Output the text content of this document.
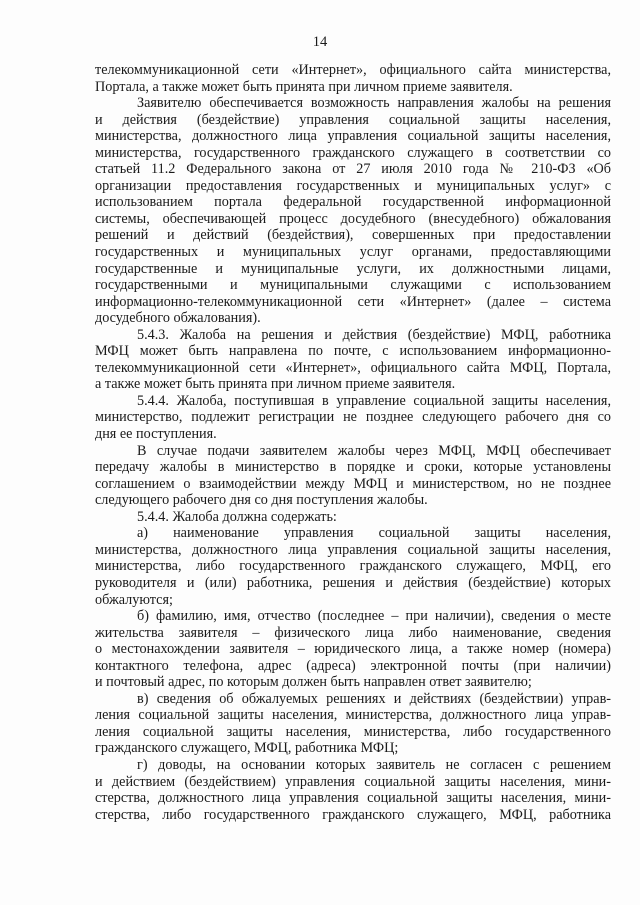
14
телекоммуникационной сети «Интернет», официального сайта министерства,
Портала, а также может быть принята при личном приеме заявителя.
Заявителю обеспечивается возможность направления жалобы на решения
и действия (бездействие) управления социальной защиты населения,
министерства, должностного лица управления социальной защиты населения,
министерства, государственного гражданского служащего в соответствии со
статьей 11.2 Федерального закона от 27 июля 2010 года № 210-ФЗ «Об
организации предоставления государственных и муниципальных услуг» с
использованием портала федеральной государственной информационной
системы, обеспечивающей процесс досудебного (внесудебного) обжалования
решений и действий (бездействия), совершенных при предоставлении
государственных и муниципальных услуг органами, предоставляющими
государственные и муниципальные услуги, их должностными лицами,
государственными и муниципальными служащими с использованием
информационно-телекоммуникационной сети «Интернет» (далее – система
досудебного обжалования).
5.4.3. Жалоба на решения и действия (бездействие) МФЦ, работника
МФЦ может быть направлена по почте, с использованием информационно-
телекоммуникационной сети «Интернет», официального сайта МФЦ, Портала,
а также может быть принята при личном приеме заявителя.
5.4.4. Жалоба, поступившая в управление социальной защиты населения,
министерство, подлежит регистрации не позднее следующего рабочего дня со
дня ее поступления.
В случае подачи заявителем жалобы через МФЦ, МФЦ обеспечивает
передачу жалобы в министерство в порядке и сроки, которые установлены
соглашением о взаимодействии между МФЦ и министерством, но не позднее
следующего рабочего дня со дня поступления жалобы.
5.4.4. Жалоба должна содержать:
а) наименование управления социальной защиты населения,
министерства, должностного лица управления социальной защиты населения,
министерства, либо государственного гражданского служащего, МФЦ, его
руководителя и (или) работника, решения и действия (бездействие) которых
обжалуются;
б) фамилию, имя, отчество (последнее – при наличии), сведения о месте
жительства заявителя – физического лица либо наименование, сведения
о местонахождении заявителя – юридического лица, а также номер (номера)
контактного телефона, адрес (адреса) электронной почты (при наличии)
и почтовый адрес, по которым должен быть направлен ответ заявителю;
в) сведения об обжалуемых решениях и действиях (бездействии) управ-
ления социальной защиты населения, министерства, должностного лица управ-
ления социальной защиты населения, министерства, либо государственного
гражданского служащего, МФЦ, работника МФЦ;
г) доводы, на основании которых заявитель не согласен с решением
и действием (бездействием) управления социальной защиты населения, мини-
стерства, должностного лица управления социальной защиты населения, мини-
стерства, либо государственного гражданского служащего, МФЦ, работника
